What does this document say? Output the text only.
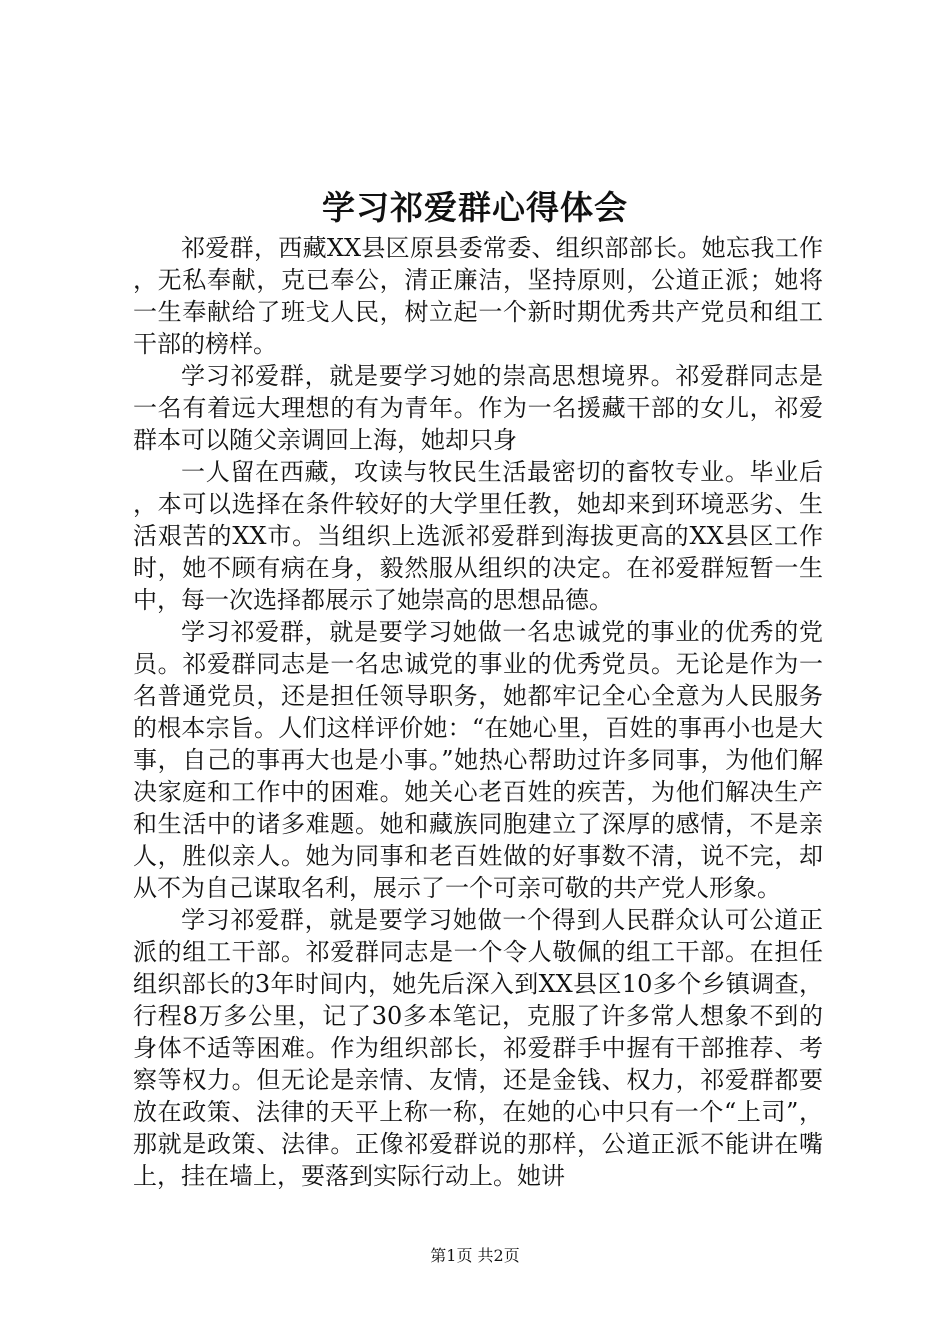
学习祁爱群心得体会

祁爱群，西藏XX县区原县委常委、组织部部长。她忘我工作，无私奉献，克已奉公，清正廉洁，坚持原则，公道正派；她将一生奉献给了班戈人民，树立起一个新时期优秀共产党员和组工干部的榜样。

学习祁爱群，就是要学习她的崇高思想境界。祁爱群同志是一名有着远大理想的有为青年。作为一名援藏干部的女儿，祁爱群本可以随父亲调回上海，她却只身

一人留在西藏，攻读与牧民生活最密切的畜牧专业。毕业后，本可以选择在条件较好的大学里任教，她却来到环境恶劣、生活艰苦的XX市。当组织上选派祁爱群到海拔更高的XX县区工作时，她不顾有病在身，毅然服从组织的决定。在祁爱群短暂一生中，每一次选择都展示了她崇高的思想品德。

学习祁爱群，就是要学习她做一名忠诚党的事业的优秀的党员。祁爱群同志是一名忠诚党的事业的优秀党员。无论是作为一名普通党员，还是担任领导职务，她都牢记全心全意为人民服务的根本宗旨。人们这样评价她：“在她心里，百姓的事再小也是大事，自己的事再大也是小事。”她热心帮助过许多同事，为他们解决家庭和工作中的困难。她关心老百姓的疾苦，为他们解决生产和生活中的诸多难题。她和藏族同胞建立了深厚的感情，不是亲人，胜似亲人。她为同事和老百姓做的好事数不清，说不完，却从不为自己谋取名利，展示了一个可亲可敬的共产党人形象。

学习祁爱群，就是要学习她做一个得到人民群众认可公道正派的组工干部。祁爱群同志是一个令人敬佩的组工干部。在担任组织部长的3年时间内，她先后深入到XX县区10多个乡镇调查，行程8万多公里，记了30多本笔记，克服了许多常人想象不到的身体不适等困难。作为组织部长，祁爱群手中握有干部推荐、考察等权力。但无论是亲情、友情，还是金钱、权力，祁爱群都要放在政策、法律的天平上称一称，在她的心中只有一个“上司”，那就是政策、法律。正像祁爱群说的那样，公道正派不能讲在嘴上，挂在墙上，要落到实际行动上。她讲

第1页 共2页
